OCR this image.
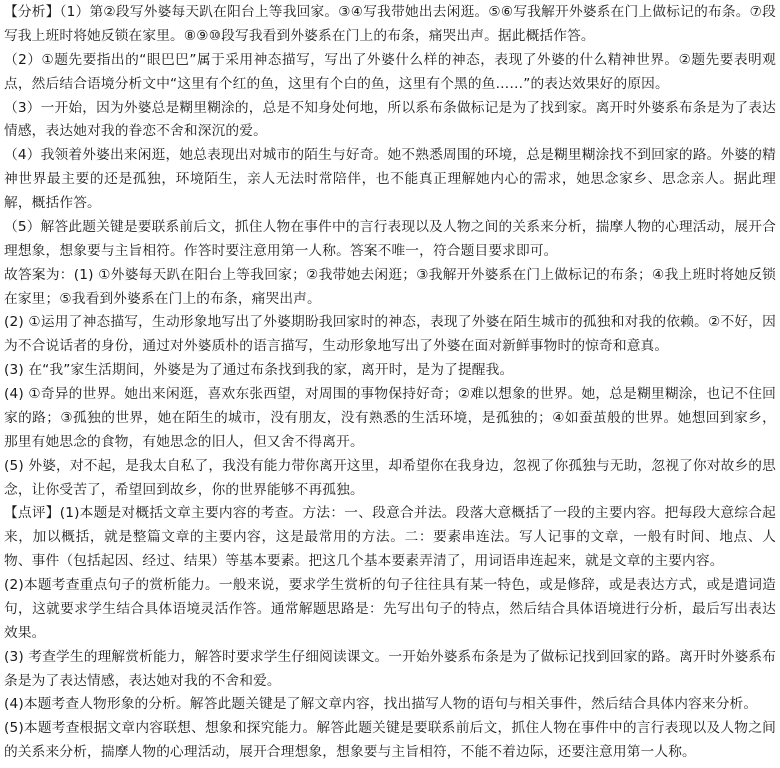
【分析】（1）第②段写外婆每天趴在阳台上等我回家。③④写我带她出去闲逛。⑤⑥写我解开外婆系在门上做标记的布条。⑦段写我上班时将她反锁在家里。⑧⑨⑩段写我看到外婆系在门上的布条，痛哭出声。据此概括作答。

（2）①题先要指出的“眼巴巴”属于采用神态描写，写出了外婆什么样的神态，表现了外婆的什么精神世界。②题先要表明观点，然后结合语境分析文中“这里有个红的鱼，这里有个白的鱼，这里有个黑的鱼……”的表达效果好的原因。

（3）一开始，因为外婆总是糊里糊涂的，总是不知身处何地，所以系布条做标记是为了找到家。离开时外婆系布条是为了表达情感，表达她对我的眷恋不舍和深沉的爱。

（4）我领着外婆出来闲逛，她总表现出对城市的陌生与好奇。她不熟悉周围的环境，总是糊里糊涂找不到回家的路。外婆的精神世界最主要的还是孤独，环境陌生，亲人无法时常陪伴，也不能真正理解她内心的需求，她思念家乡、思念亲人。据此理解，概括作答。

（5）解答此题关键是要联系前后文，抓住人物在事件中的言行表现以及人物之间的关系来分析，揣摩人物的心理活动，展开合理想象，想象要与主旨相符。作答时要注意用第一人称。答案不唯一，符合题目要求即可。

故答案为：(1) ①外婆每天趴在阳台上等我回家；②我带她去闲逛；③我解开外婆系在门上做标记的布条；④我上班时将她反锁在家里；⑤我看到外婆系在门上的布条，痛哭出声。

(2) ①运用了神态描写，生动形象地写出了外婆期盼我回家时的神态，表现了外婆在陌生城市的孤独和对我的依赖。②不好，因为不合说话者的身份，通过对外婆质朴的语言描写，生动形象地写出了外婆在面对新鲜事物时的惊奇和意真。

(3) 在“我”家生活期间，外婆是为了通过布条找到我的家，离开时，是为了提醒我。

(4) ①奇异的世界。她出来闲逛，喜欢东张西望，对周围的事物保持好奇；②难以想象的世界。她，总是糊里糊涂，也记不住回家的路；③孤独的世界，她在陌生的城市，没有朋友，没有熟悉的生活环境，是孤独的；④如蚕茧般的世界。她想回到家乡，那里有她思念的食物，有她思念的旧人，但又舍不得离开。

(5) 外婆，对不起，是我太自私了，我没有能力带你离开这里，却希望你在我身边，忽视了你孤独与无助，忽视了你对故乡的思念，让你受苦了，希望回到故乡，你的世界能够不再孤独。

【点评】(1)本题是对概括文章主要内容的考查。方法：一、段意合并法。段落大意概括了一段的主要内容。把每段大意综合起来，加以概括，就是整篇文章的主要内容，这是最常用的方法。二：要素串连法。写人记事的文章，一般有时间、地点、人物、事件（包括起因、经过、结果）等基本要素。把这几个基本要素弄清了，用词语串连起来，就是文章的主要内容。

(2)本题考查重点句子的赏析能力。一般来说，要求学生赏析的句子往往具有某一特色，或是修辞，或是表达方式，或是遣词造句，这就要求学生结合具体语境灵活作答。通常解题思路是：先写出句子的特点，然后结合具体语境进行分析，最后写出表达效果。

(3) 考查学生的理解赏析能力，解答时要求学生仔细阅读课文。一开始外婆系布条是为了做标记找到回家的路。离开时外婆系布条是为了表达情感，表达她对我的不舍和爱。

(4)本题考查人物形象的分析。解答此题关键是了解文章内容，找出描写人物的语句与相关事件，然后结合具体内容来分析。

(5)本题考查根据文章内容联想、想象和探究能力。解答此题关键是要联系前后文，抓住人物在事件中的言行表现以及人物之间的关系来分析，揣摩人物的心理活动，展开合理想象，想象要与主旨相符，不能不着边际，还要注意用第一人称。
